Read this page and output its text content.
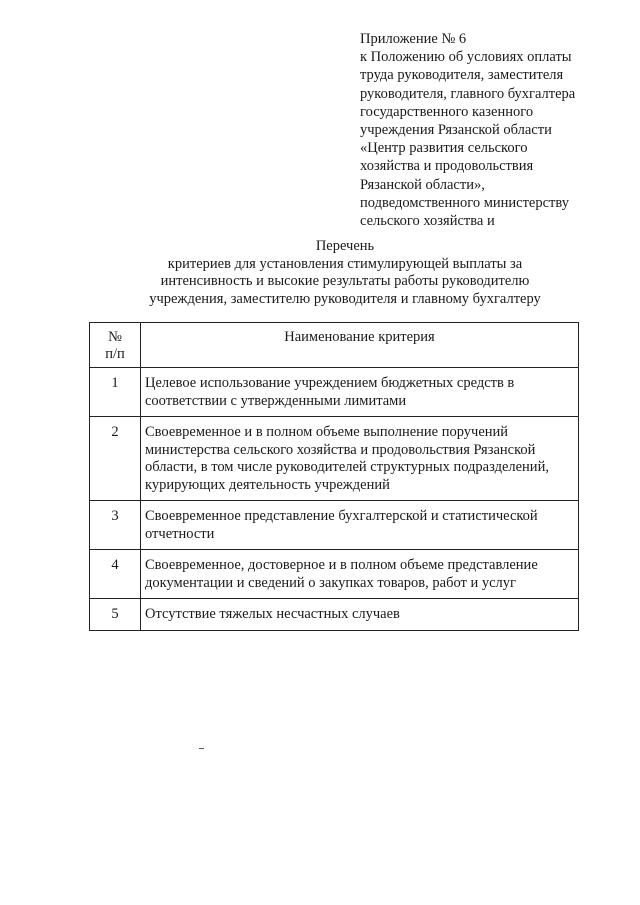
Приложение № 6
к Положению об условиях оплаты
труда руководителя, заместителя
руководителя, главного бухгалтера
государственного казенного
учреждения Рязанской области
«Центр развития сельского
хозяйства и продовольствия
Рязанской области»,
подведомственного министерству
сельского хозяйства и
Перечень
критериев для установления стимулирующей выплаты за
интенсивность и высокие результаты работы руководителю
учреждения, заместителю руководителя и главному бухгалтеру
№
п/п	Наименование критерия
1	Целевое использование учреждением бюджетных средств в соответствии с утвержденными лимитами
2	Своевременное и в полном объеме выполнение поручений министерства сельского хозяйства и продовольствия Рязанской области, в том числе руководителей структурных подразделений, курирующих деятельность учреждений
3	Своевременное представление бухгалтерской и статистической отчетности
4	Своевременное, достоверное и в полном объеме представление документации и сведений о закупках товаров, работ и услуг
5	Отсутствие тяжелых несчастных случаев
